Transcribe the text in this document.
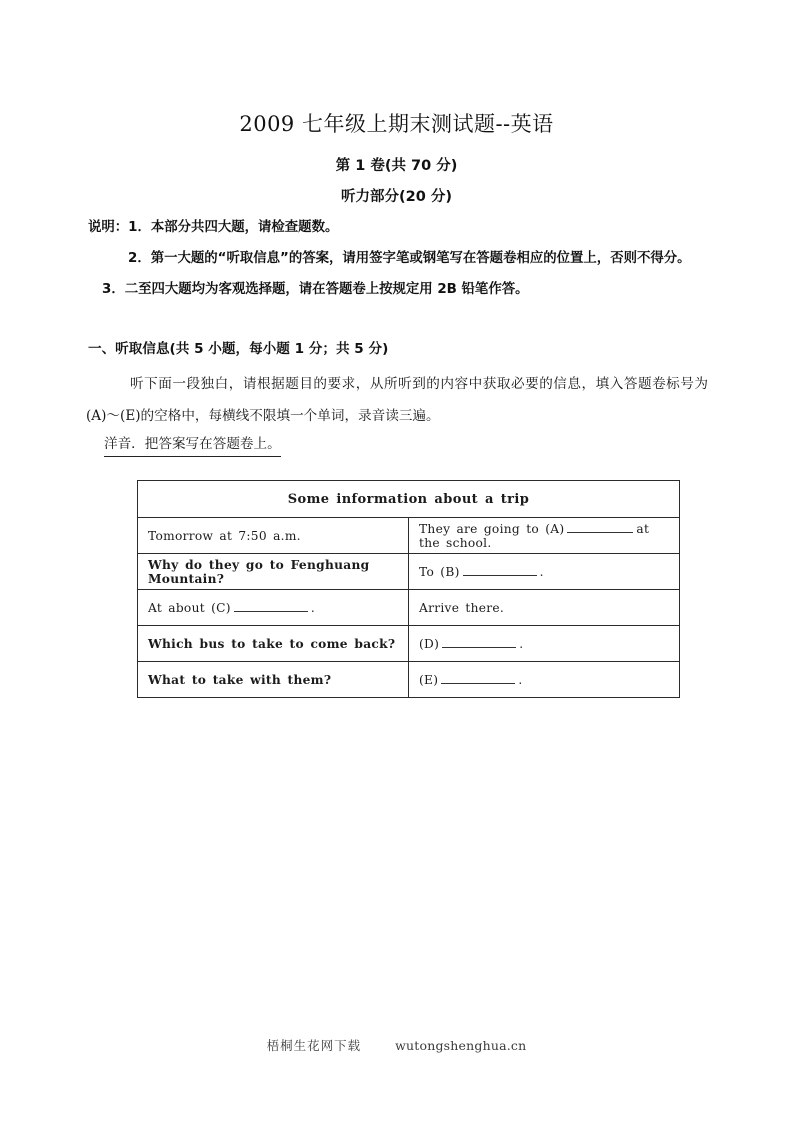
2009 七年级上期末测试题--英语
第 1 卷(共 70 分)
听力部分(20 分)
说明：1．本部分共四大题，请检查题数。
2．第一大题的“听取信息”的答案，请用签字笔或钢笔写在答题卷相应的位置上，否则不得分。
3．二至四大题均为客观选择题，请在答题卷上按规定用 2B 铅笔作答。
一、听取信息(共 5 小题，每小题 1 分；共 5 分)
听下面一段独白，请根据题目的要求，从所听到的内容中获取必要的信息，填入答题卷标号为 (A)～(E)的空格中，每横线不限填一个单词，录音读三遍。
洋音．把答案写在答题卷上。
Some information about a trip	
Tomorrow at 7:50 a.m.	They are going to (A) at the school.
Why do they go to Fenghuang Mountain?	To (B) .
At about (C) .	Arrive there.
Which bus to take to come back?	(D) .
What to take with them?	(E) .
梧桐生花网下载	wutongshenghua.cn
